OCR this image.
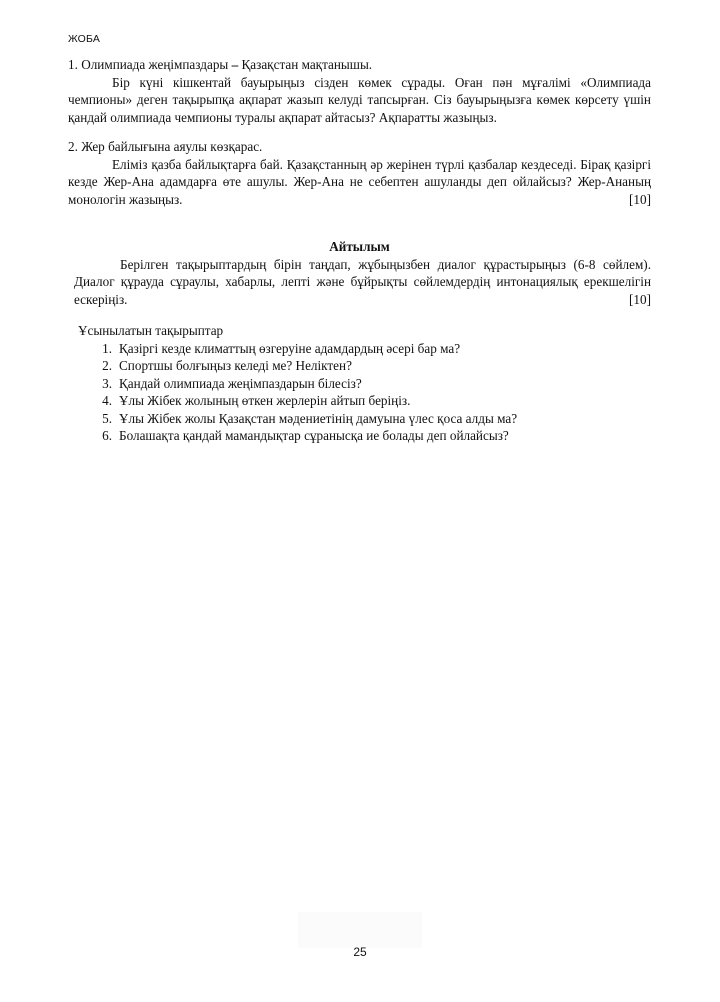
ЖОБА

1. Олимпиада жеңімпаздары – Қазақстан мақтанышы.

Бір күні кішкентай бауырыңыз сізден көмек сұрады. Оған пән мұғалімі «Олимпиада чемпионы» деген тақырыпқа ақпарат жазып келуді тапсырған. Сіз бауырыңызға көмек көрсету үшін қандай олимпиада чемпионы туралы ақпарат айтасыз? Ақпаратты жазыңыз.

2. Жер байлығына аяулы көзқарас.

Еліміз қазба байлықтарға бай. Қазақстанның әр жерінен түрлі қазбалар кездеседі. Бірақ қазіргі кезде Жер-Ана адамдарға өте ашулы. Жер-Ана не себептен ашуланды деп ойлайсыз? Жер-Ананың монологін жазыңыз.	[10]

Айтылым

Берілген тақырыптардың бірін таңдап, жұбыңызбен диалог құрастырыңыз (6-8 сөйлем). Диалог құрауда сұраулы, хабарлы, лепті және бұйрықты сөйлемдердің интонациялық ерекшелігін ескеріңіз.	[10]

Ұсынылатын тақырыптар

1. Қазіргі кезде климаттың өзгеруіне адамдардың әсері бар ма?
2. Спортшы болғыңыз келеді ме? Неліктен?
3. Қандай олимпиада жеңімпаздарын білесіз?
4. Ұлы Жібек жолының өткен жерлерін айтып беріңіз.
5. Ұлы Жібек жолы Қазақстан мәдениетінің дамуына үлес қоса алды ма?
6. Болашақта қандай мамандықтар сұранысқа ие болады деп ойлайсыз?
25
